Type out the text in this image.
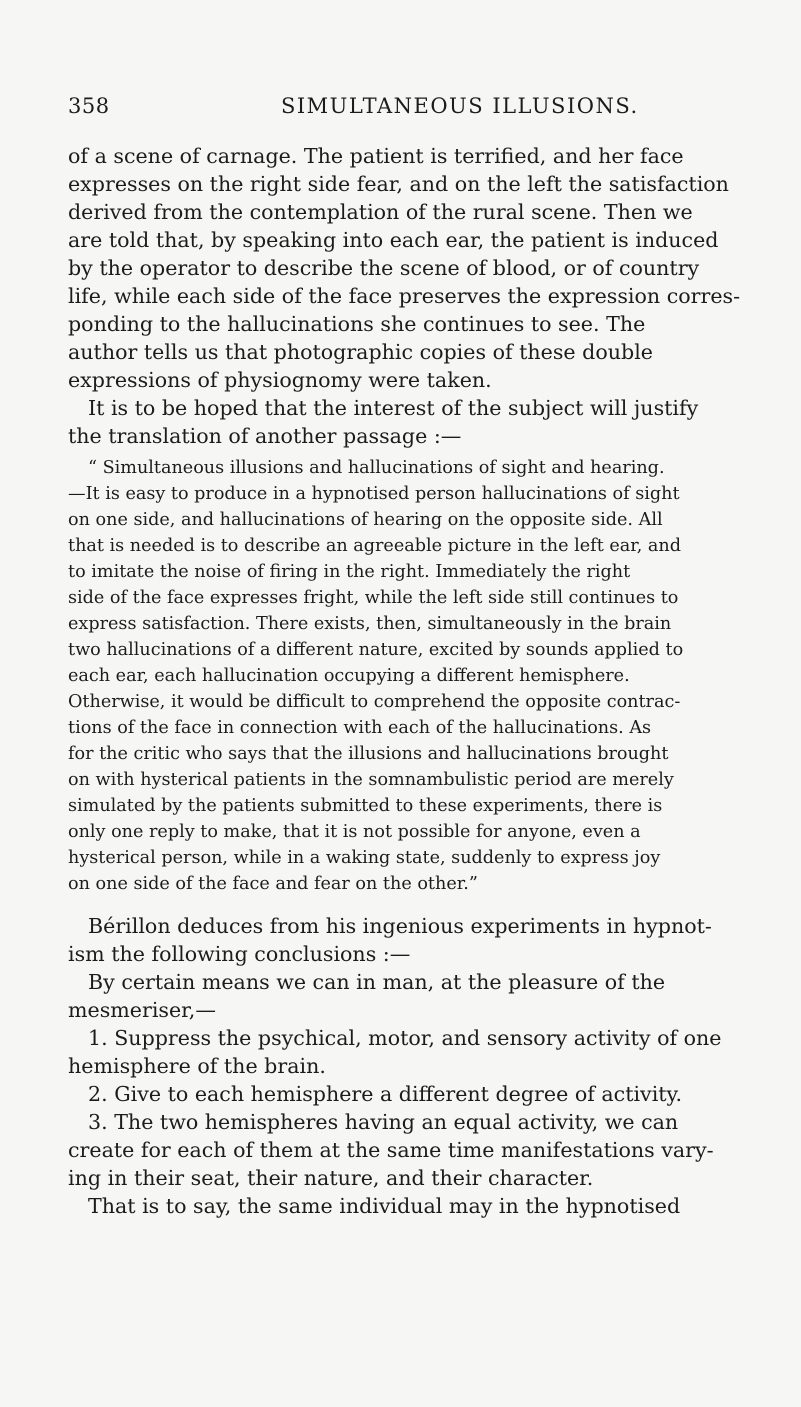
358	SIMULTANEOUS ILLUSIONS.
of a scene of carnage. The patient is terrified, and her face
expresses on the right side fear, and on the left the satisfaction
derived from the contemplation of the rural scene. Then we
are told that, by speaking into each ear, the patient is induced
by the operator to describe the scene of blood, or of country
life, while each side of the face preserves the expression corres-
ponding to the hallucinations she continues to see. The
author tells us that photographic copies of these double
expressions of physiognomy were taken.
It is to be hoped that the interest of the subject will justify
the translation of another passage :—
“ Simultaneous illusions and hallucinations of sight and hearing.
—It is easy to produce in a hypnotised person hallucinations of sight
on one side, and hallucinations of hearing on the opposite side. All
that is needed is to describe an agreeable picture in the left ear, and
to imitate the noise of firing in the right. Immediately the right
side of the face expresses fright, while the left side still continues to
express satisfaction. There exists, then, simultaneously in the brain
two hallucinations of a different nature, excited by sounds applied to
each ear, each hallucination occupying a different hemisphere.
Otherwise, it would be difficult to comprehend the opposite contrac-
tions of the face in connection with each of the hallucinations. As
for the critic who says that the illusions and hallucinations brought
on with hysterical patients in the somnambulistic period are merely
simulated by the patients submitted to these experiments, there is
only one reply to make, that it is not possible for anyone, even a
hysterical person, while in a waking state, suddenly to express joy
on one side of the face and fear on the other.”
Bérillon deduces from his ingenious experiments in hypnot-
ism the following conclusions :—
By certain means we can in man, at the pleasure of the
mesmeriser,—
1. Suppress the psychical, motor, and sensory activity of one
hemisphere of the brain.
2. Give to each hemisphere a different degree of activity.
3. The two hemispheres having an equal activity, we can
create for each of them at the same time manifestations vary-
ing in their seat, their nature, and their character.
That is to say, the same individual may in the hypnotised
